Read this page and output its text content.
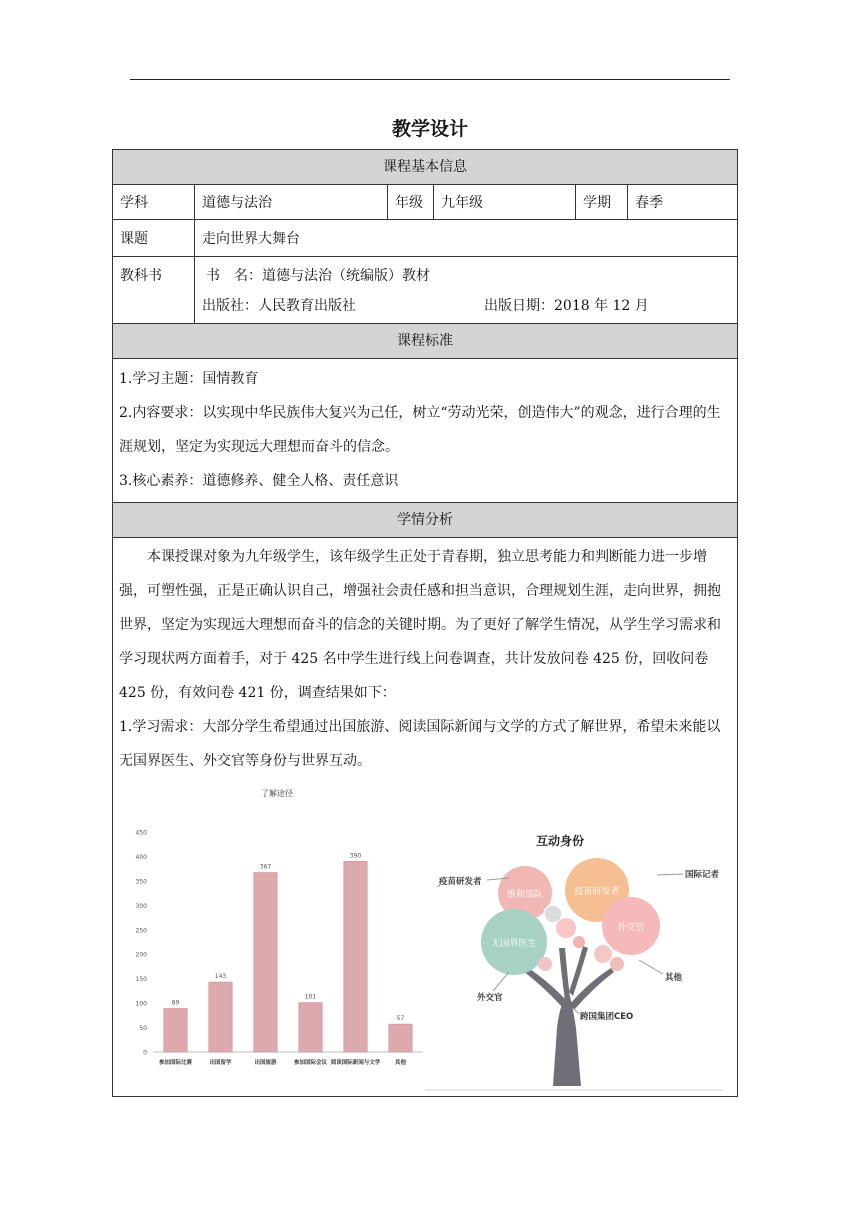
教学设计
课程基本信息
学科	道德与法治	年级	九年级	学期	春季
课题	走向世界大舞台
教科书	书　名：道德与法治（统编版）教材
出版社：人民教育出版社	出版日期：2018 年 12 月
课程标准
1.学习主题：国情教育
2.内容要求：以实现中华民族伟大复兴为己任，树立“劳动光荣，创造伟大”的观念，进行合理的生涯规划，坚定为实现远大理想而奋斗的信念。
3.核心素养：道德修养、健全人格、责任意识
学情分析
本课授课对象为九年级学生，该年级学生正处于青春期，独立思考能力和判断能力进一步增强，可塑性强，正是正确认识自己，增强社会责任感和担当意识，合理规划生涯，走向世界，拥抱世界，坚定为实现远大理想而奋斗的信念的关键时期。为了更好了解学生情况，从学生学习需求和学习现状两方面着手，对于 425 名中学生进行线上问卷调查，共计发放问卷 425 份，回收问卷 425 份，有效问卷 421 份，调查结果如下：
1.学习需求：大部分学生希望通过出国旅游、阅读国际新闻与文学的方式了解世界，希望未来能以无国界医生、外交官等身份与世界互动。
了解途径
0
50
100
150
200
250
300
350
400
450
89
参加国际比赛
143
出国留学
367
出国旅游
101
参加国际会议
390
阅读国际新闻与文学
57
其他
互动身份
维和部队	疫苗研发者
外交官
无国界医生
疫苗研发者
国际记者
其他
外交官
跨国集团CEO
